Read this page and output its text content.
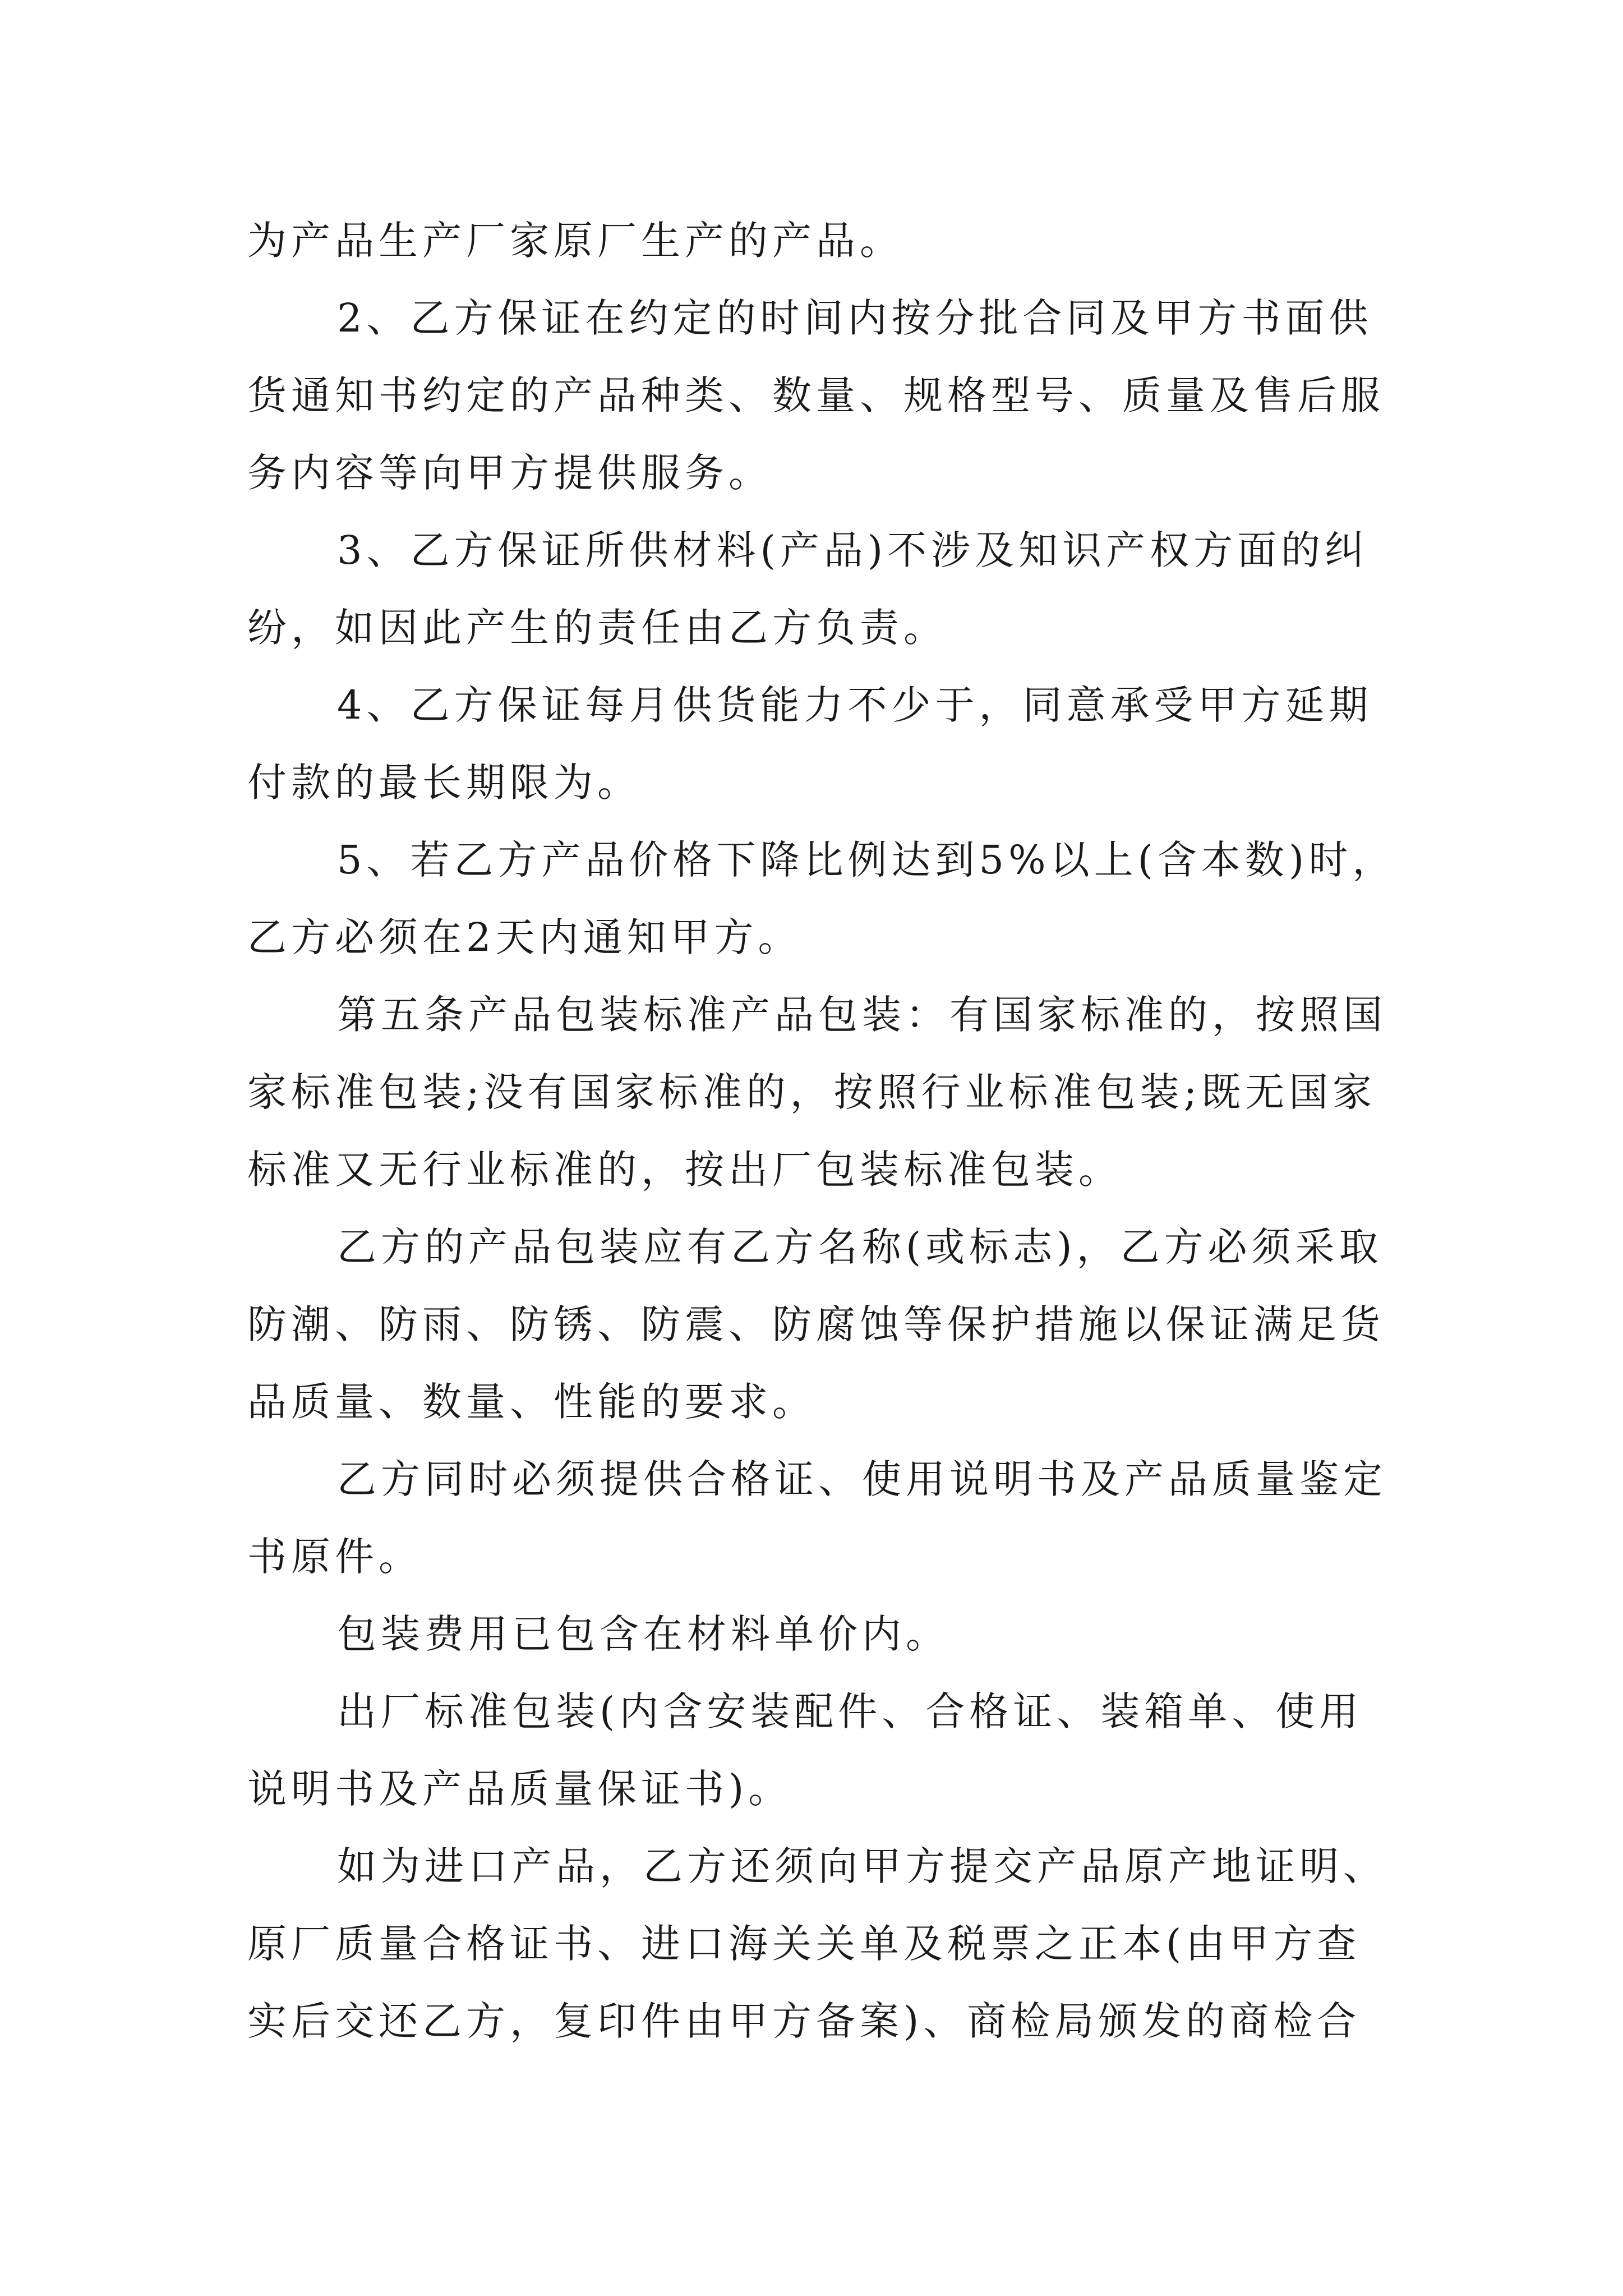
为产品生产厂家原厂生产的产品。
2、乙方保证在约定的时间内按分批合同及甲方书面供
货通知书约定的产品种类、数量、规格型号、质量及售后服
务内容等向甲方提供服务。
3、乙方保证所供材料(产品)不涉及知识产权方面的纠
纷，如因此产生的责任由乙方负责。
4、乙方保证每月供货能力不少于，同意承受甲方延期
付款的最长期限为。
5、若乙方产品价格下降比例达到5%以上(含本数)时，
乙方必须在2天内通知甲方。
第五条产品包装标准产品包装：有国家标准的，按照国
家标准包装;没有国家标准的，按照行业标准包装;既无国家
标准又无行业标准的，按出厂包装标准包装。
乙方的产品包装应有乙方名称(或标志)，乙方必须采取
防潮、防雨、防锈、防震、防腐蚀等保护措施以保证满足货
品质量、数量、性能的要求。
乙方同时必须提供合格证、使用说明书及产品质量鉴定
书原件。
包装费用已包含在材料单价内。
出厂标准包装(内含安装配件、合格证、装箱单、使用
说明书及产品质量保证书)。
如为进口产品，乙方还须向甲方提交产品原产地证明、
原厂质量合格证书、进口海关关单及税票之正本(由甲方查
实后交还乙方，复印件由甲方备案)、商检局颁发的商检合
